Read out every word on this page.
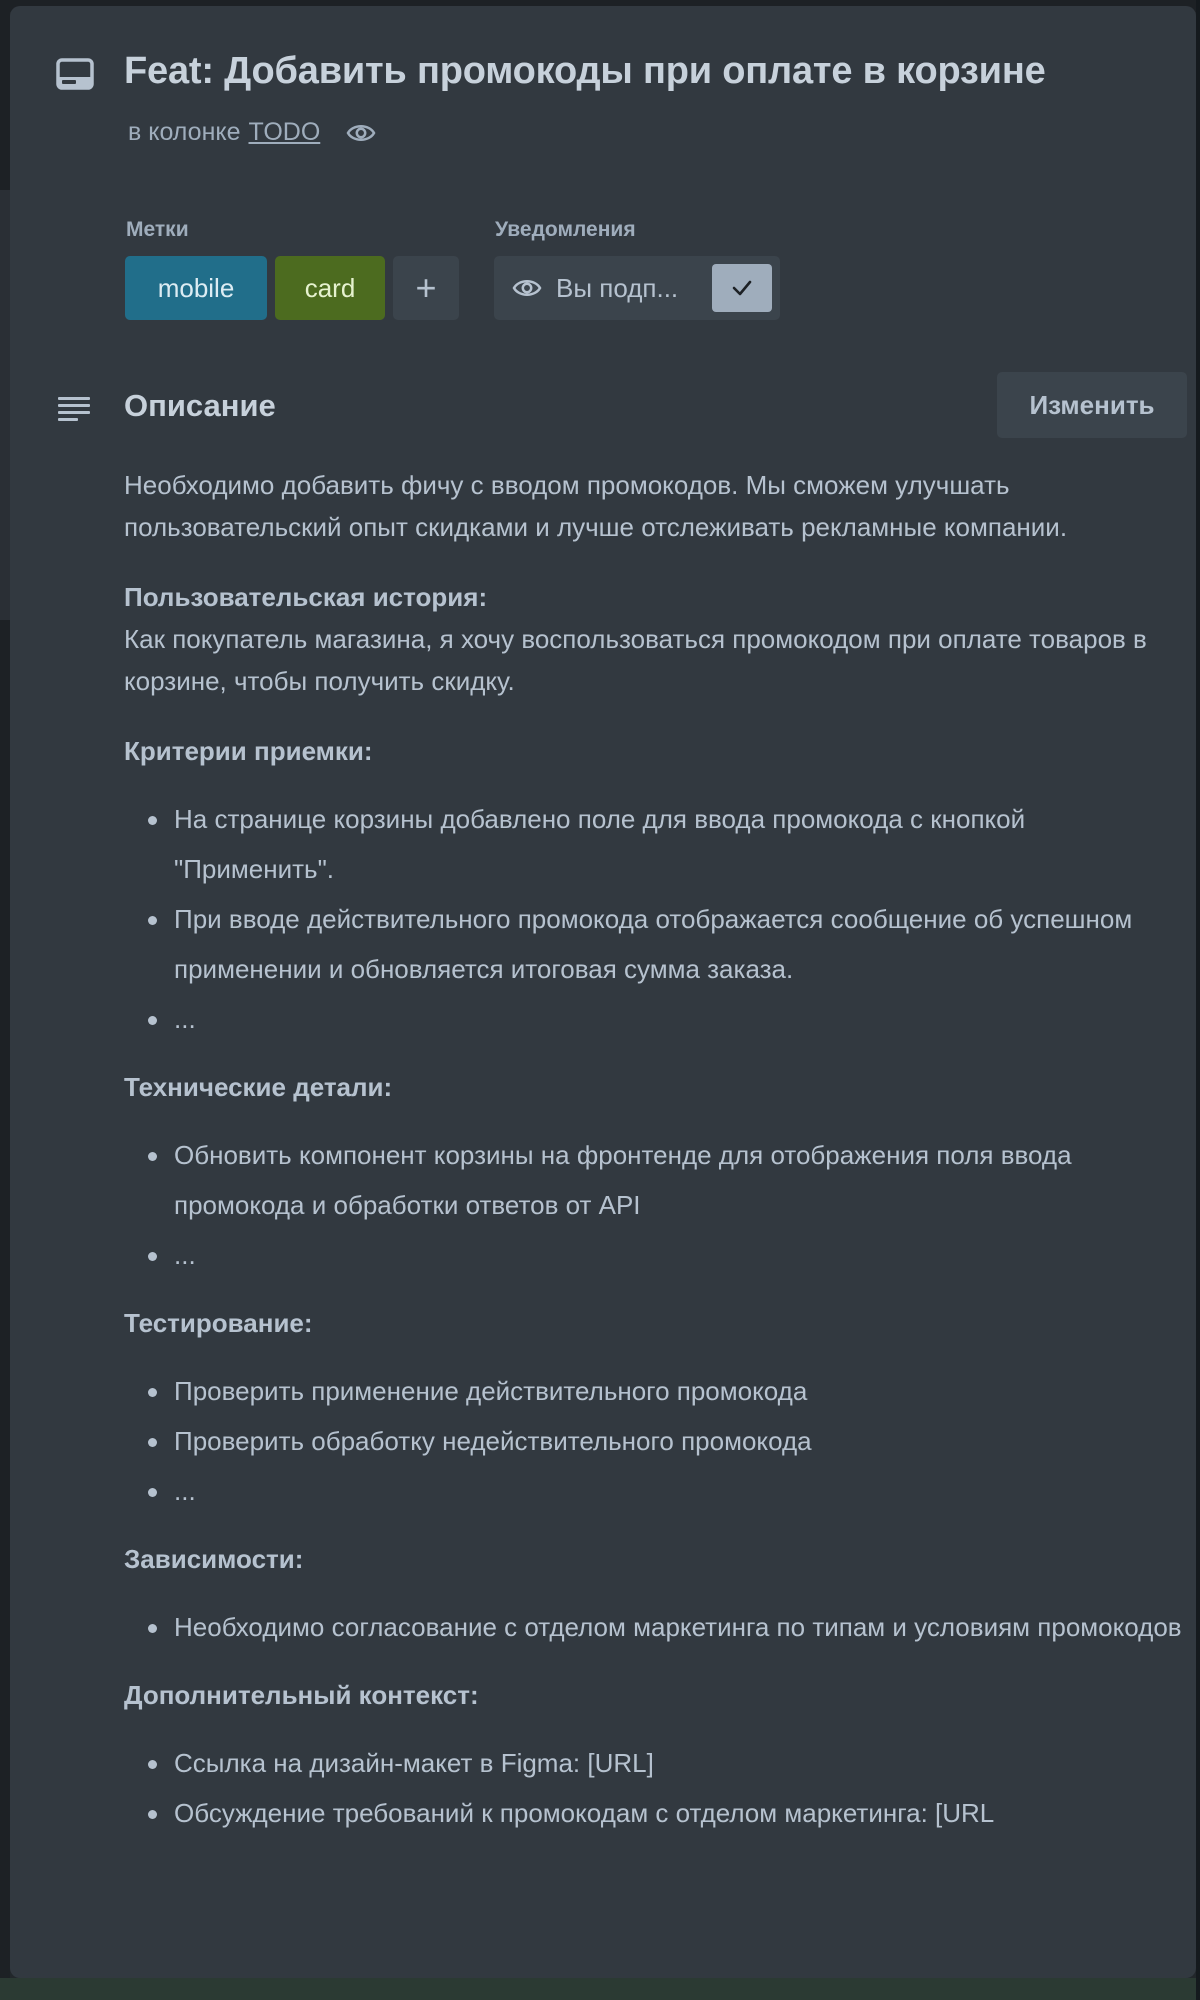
Feat: Добавить промокоды при оплате в корзине
в колонке TODO
Метки
mobile	card	+
Уведомления
Вы подп...
Описание	Изменить

Необходимо добавить фичу с вводом промокодов. Мы сможем улучшать пользовательский опыт скидками и лучше отслеживать рекламные компании.

Пользовательская история:

Как покупатель магазина, я хочу воспользоваться промокодом при оплате товаров в корзине, чтобы получить скидку.

Критерии приемки:

На странице корзины добавлено поле для ввода промокода с кнопкой "Применить".
При вводе действительного промокода отображается сообщение об успешном применении и обновляется итоговая сумма заказа.
...

Технические детали:

Обновить компонент корзины на фронтенде для отображения поля ввода промокода и обработки ответов от API
...

Тестирование:

Проверить применение действительного промокода
Проверить обработку недействительного промокода
...

Зависимости:

Необходимо согласование с отделом маркетинга по типам и условиям промокодов

Дополнительный контекст:

Ссылка на дизайн-макет в Figma: [URL]
Обсуждение требований к промокодам с отделом маркетинга: [URL
